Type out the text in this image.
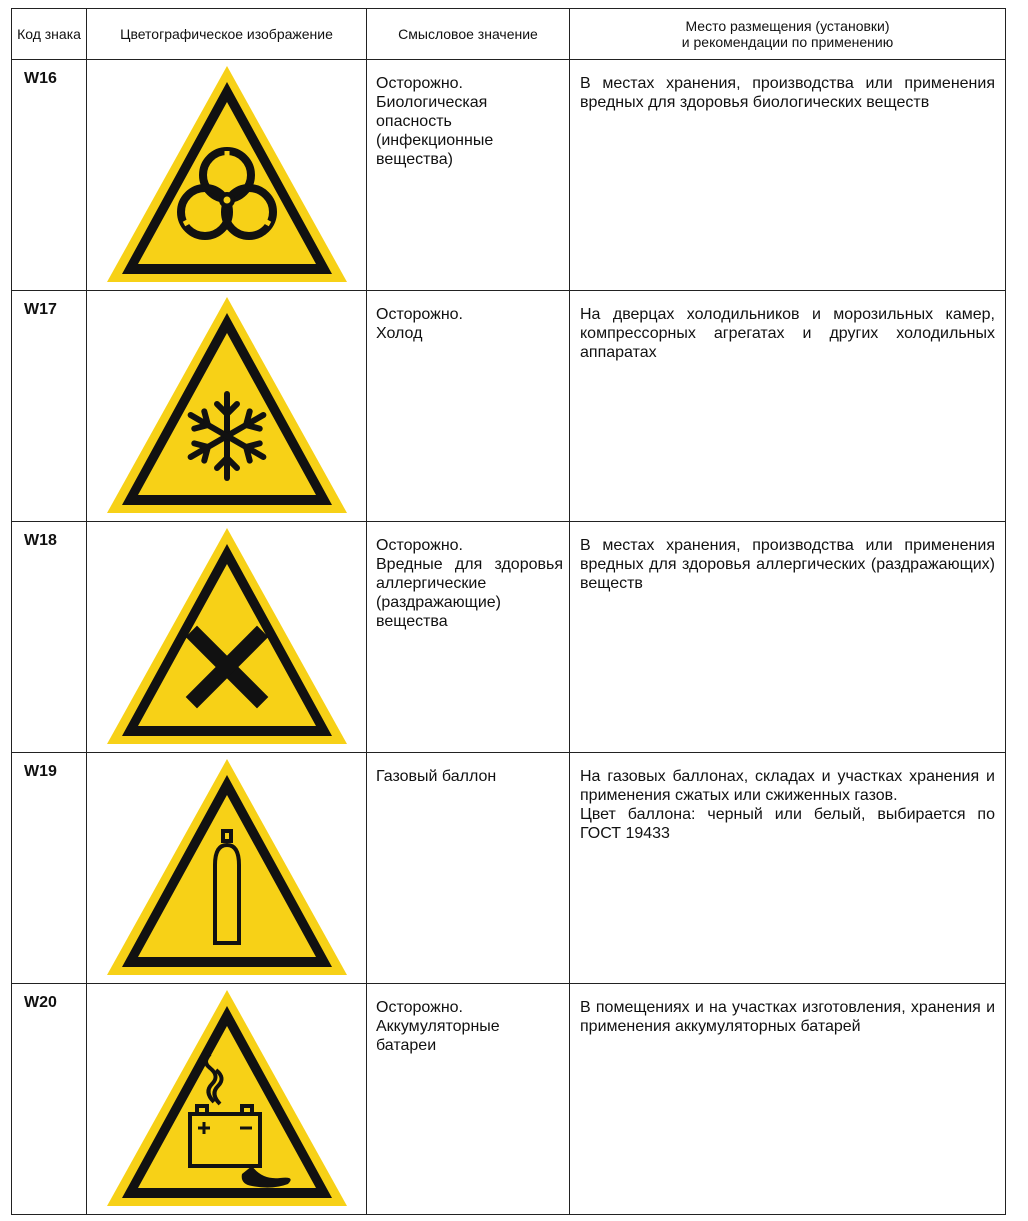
Код знака	Цветографическое изображение	Смысловое значение	Место размещения (установки)
и рекомендации по применению

W16		Осторожно.
Биологическая опасность
(инфекционные вещества)	В местах хранения, производства или применения вредных для здоровья биологических веществ

W17		Осторожно.
Холод	На дверцах холодильников и морозильных камер, компрессорных агрегатах и других холодильных аппаратах

W18		Осторожно.
Вредные для здоровья аллергические (раздражающие) вещества	В местах хранения, производства или применения вредных для здоровья аллергических (раздражающих) веществ

W19		Газовый баллон	На газовых баллонах, складах и участках хранения и применения сжатых или сжиженных газов.
Цвет баллона: черный или белый, выбирается по ГОСТ 19433

W20		Осторожно.
Аккумуляторные батареи	В помещениях и на участках изготовления, хранения и применения аккумуляторных батарей
